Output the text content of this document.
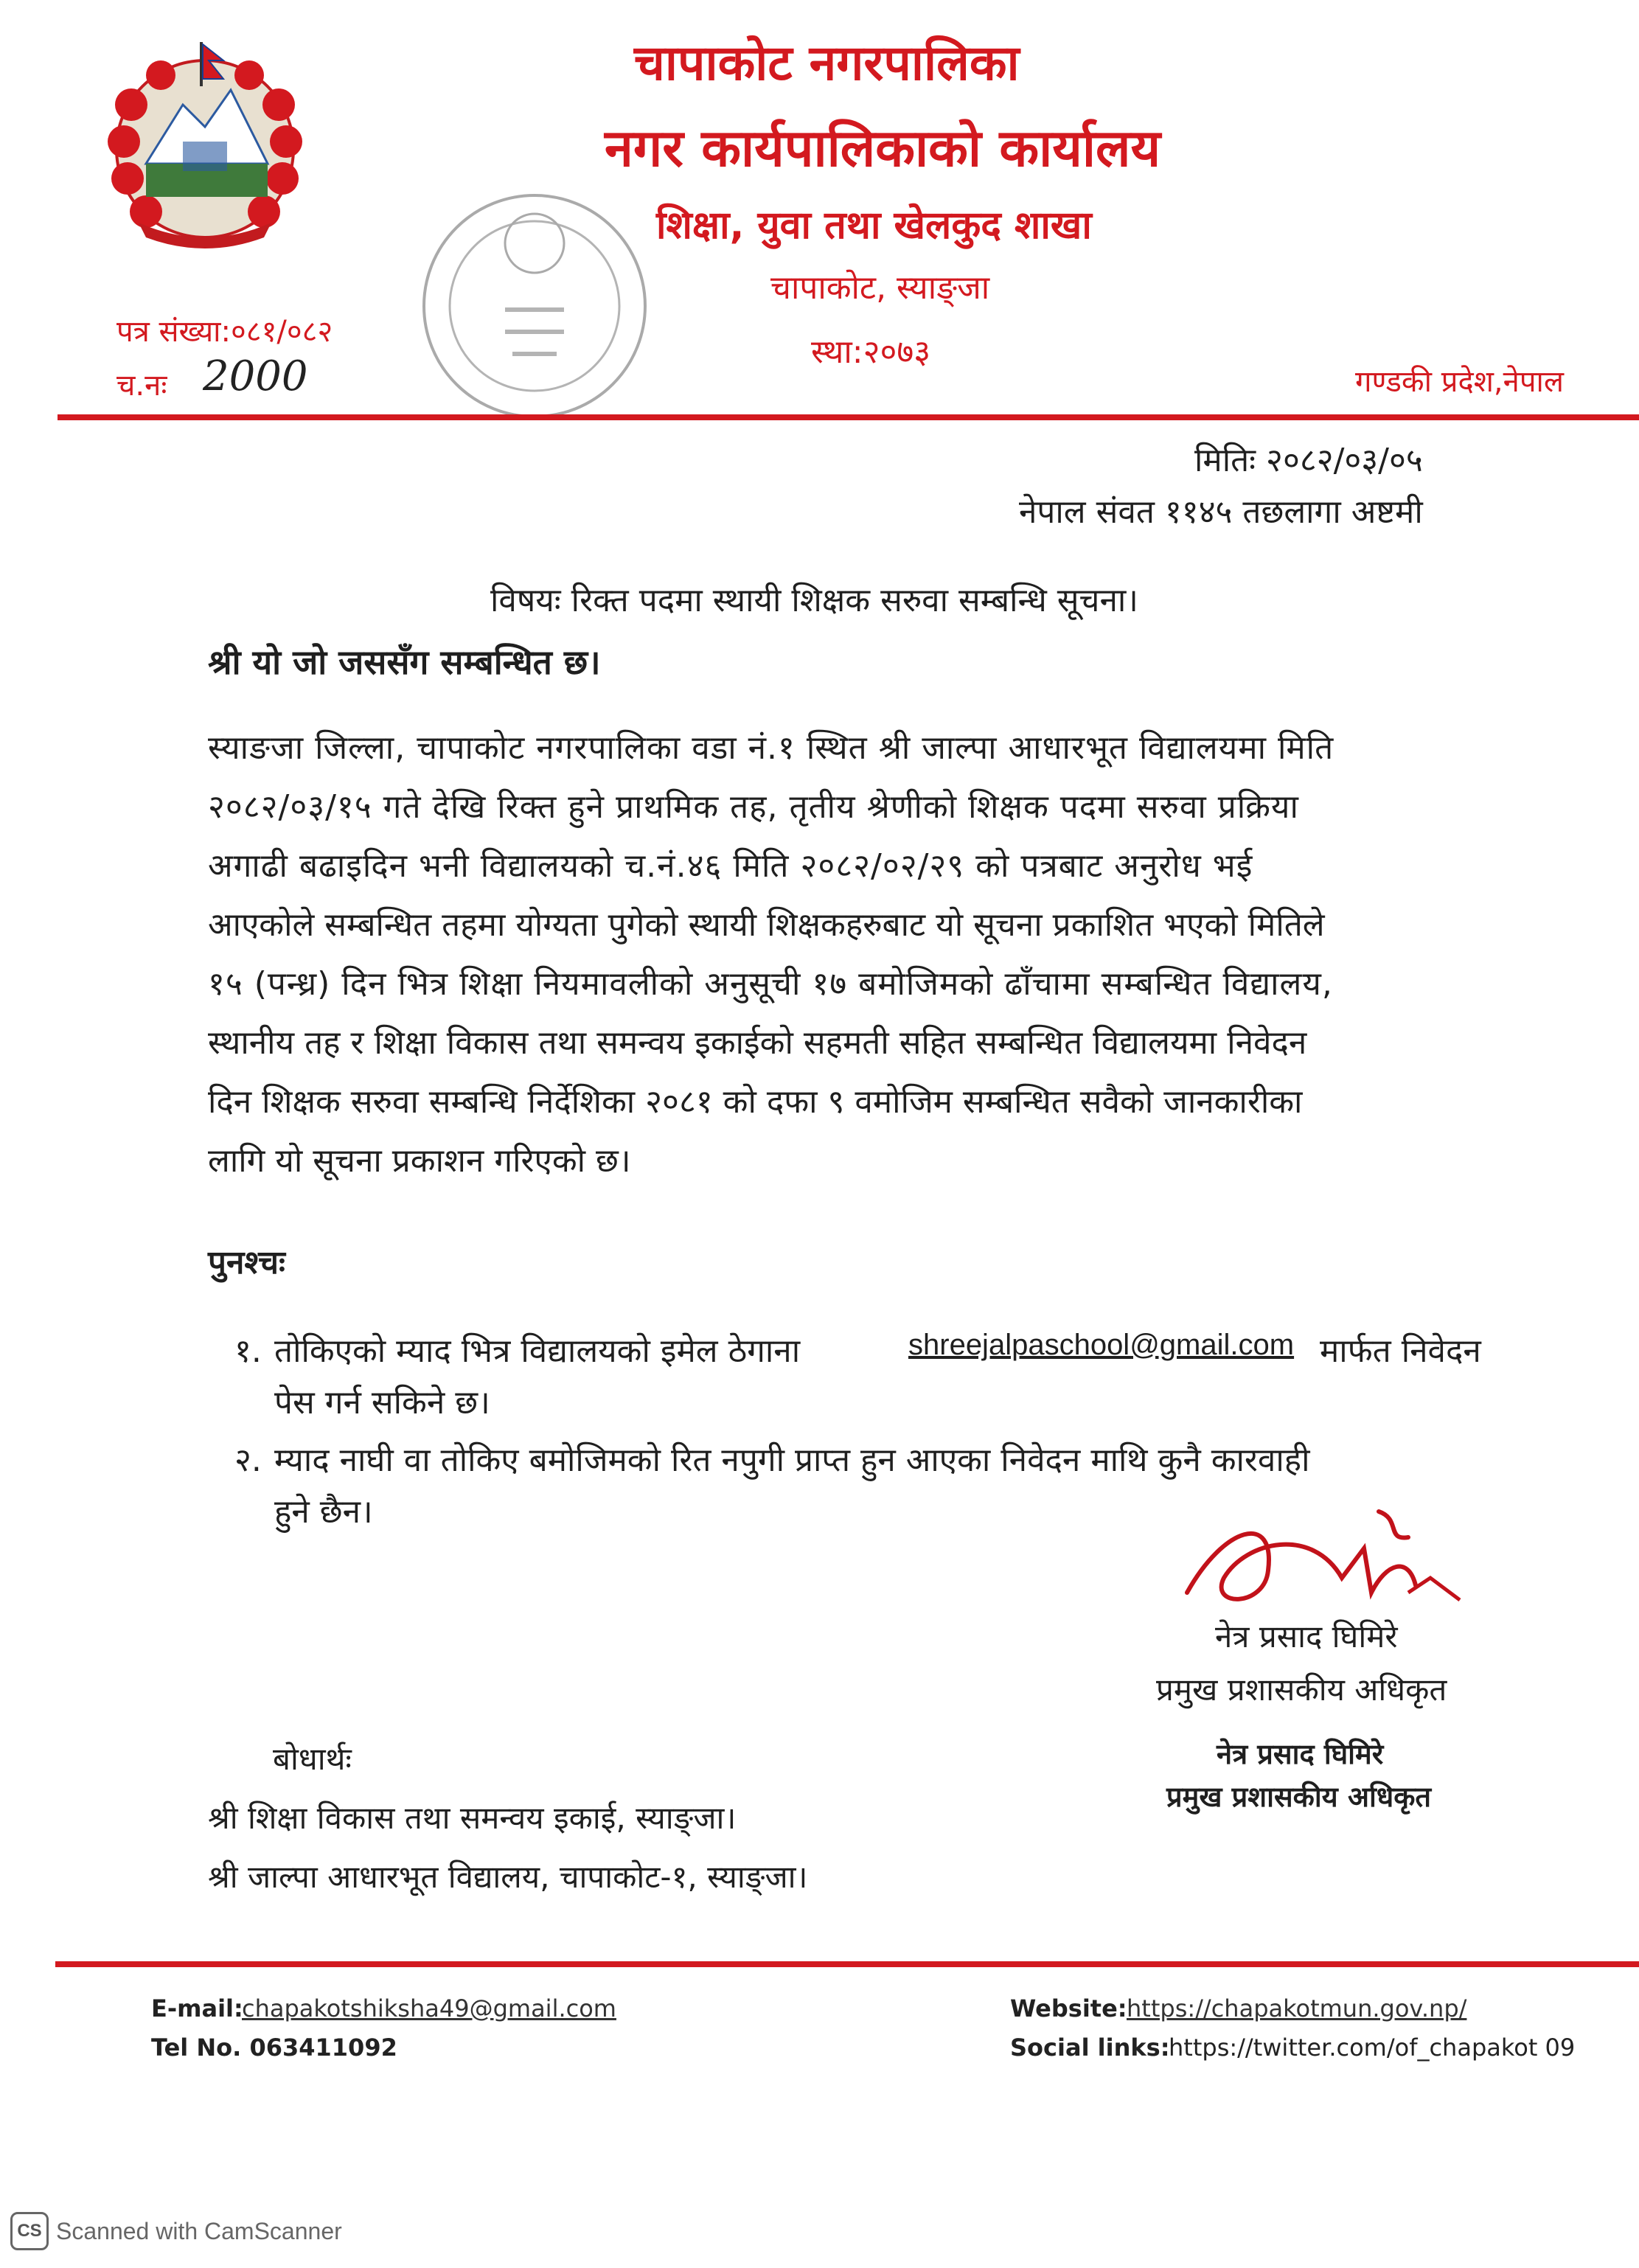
चापाकोट नगरपालिका
नगर कार्यपालिकाको कार्यालय
शिक्षा, युवा तथा खेलकुद शाखा
चापाकोट, स्याङ्जा
स्था:२०७३
पत्र संख्या:०८१/०८२
च.नः 2000	गण्डकी प्रदेश,नेपाल
मितिः २०८२/०३/०५
नेपाल संवत ११४५ तछलागा अष्टमी
विषयः रिक्त पदमा स्थायी शिक्षक सरुवा सम्बन्धि सूचना।
श्री यो जो जससँग सम्बन्धित छ।
स्याङजा जिल्ला, चापाकोट नगरपालिका वडा नं.१ स्थित श्री जाल्पा आधारभूत विद्यालयमा मिति
२०८२/०३/१५ गते देखि रिक्त हुने प्राथमिक तह, तृतीय श्रेणीको शिक्षक पदमा सरुवा प्रक्रिया
अगाढी बढाइदिन भनी विद्यालयको च.नं.४६ मिति २०८२/०२/२९ को पत्रबाट अनुरोध भई
आएकोले सम्बन्धित तहमा योग्यता पुगेको स्थायी शिक्षकहरुबाट यो सूचना प्रकाशित भएको मितिले
१५ (पन्ध्र) दिन भित्र शिक्षा नियमावलीको अनुसूची १७ बमोजिमको ढाँचामा सम्बन्धित विद्यालय,
स्थानीय तह र शिक्षा विकास तथा समन्वय इकाईको सहमती सहित सम्बन्धित विद्यालयमा निवेदन
दिन शिक्षक सरुवा सम्बन्धि निर्देशिका २०८१ को दफा ९ वमोजिम सम्बन्धित सवैको जानकारीका
लागि यो सूचना प्रकाशन गरिएको छ।
पुनश्चः
१. तोकिएको म्याद भित्र विद्यालयको इमेल ठेगाना	shreejalpaschool@gmail.com मार्फत निवेदन
पेस गर्न सकिने छ।
२. म्याद नाघी वा तोकिए बमोजिमको रित नपुगी प्राप्त हुन आएका निवेदन माथि कुनै कारवाही
हुने छैन।
नेत्र प्रसाद घिमिरे
प्रमुख प्रशासकीय अधिकृत
नेत्र प्रसाद घिमिरे
प्रमुख प्रशासकीय अधिकृत
बोधार्थः
श्री शिक्षा विकास तथा समन्वय इकाई, स्याङ्जा।
श्री जाल्पा आधारभूत विद्यालय, चापाकोट-१, स्याङ्जा।
E-mail:
chapakotshiksha49@gmail.com
Tel No. 063411092
Website: https://chapakotmun.gov.np/
Social links:
https://twitter.com/of_chapakot 09
CS Scanned with CamScanner
